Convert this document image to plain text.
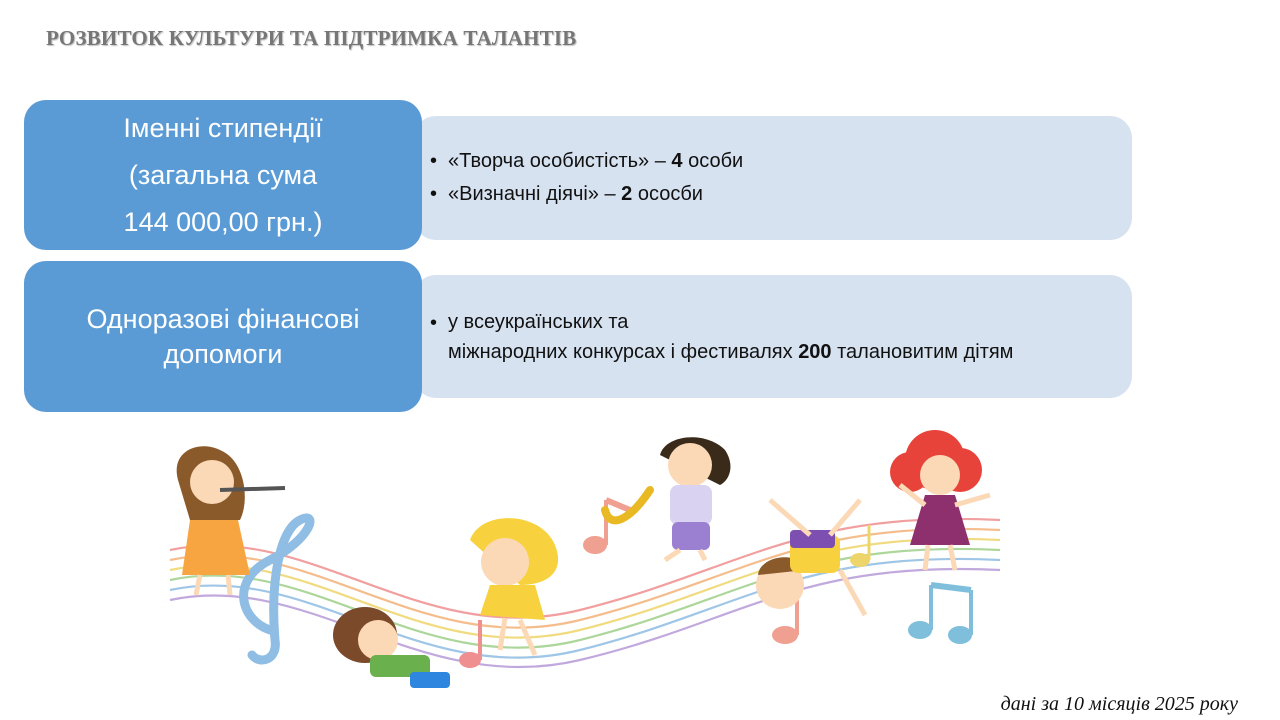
РОЗВИТОК КУЛЬТУРИ ТА ПІДТРИМКА ТАЛАНТІВ
Іменні стипендії
(загальна сума
144 000,00 грн.)
• «Творча особистість» – 4 особи
• «Визначні діячі» – 2 ососби
Одноразові фінансові
допомоги
• у всеукраїнських та
міжнародних конкурсах і фестивалях 200 талановитим дітям
дані за 10 місяців 2025 року
